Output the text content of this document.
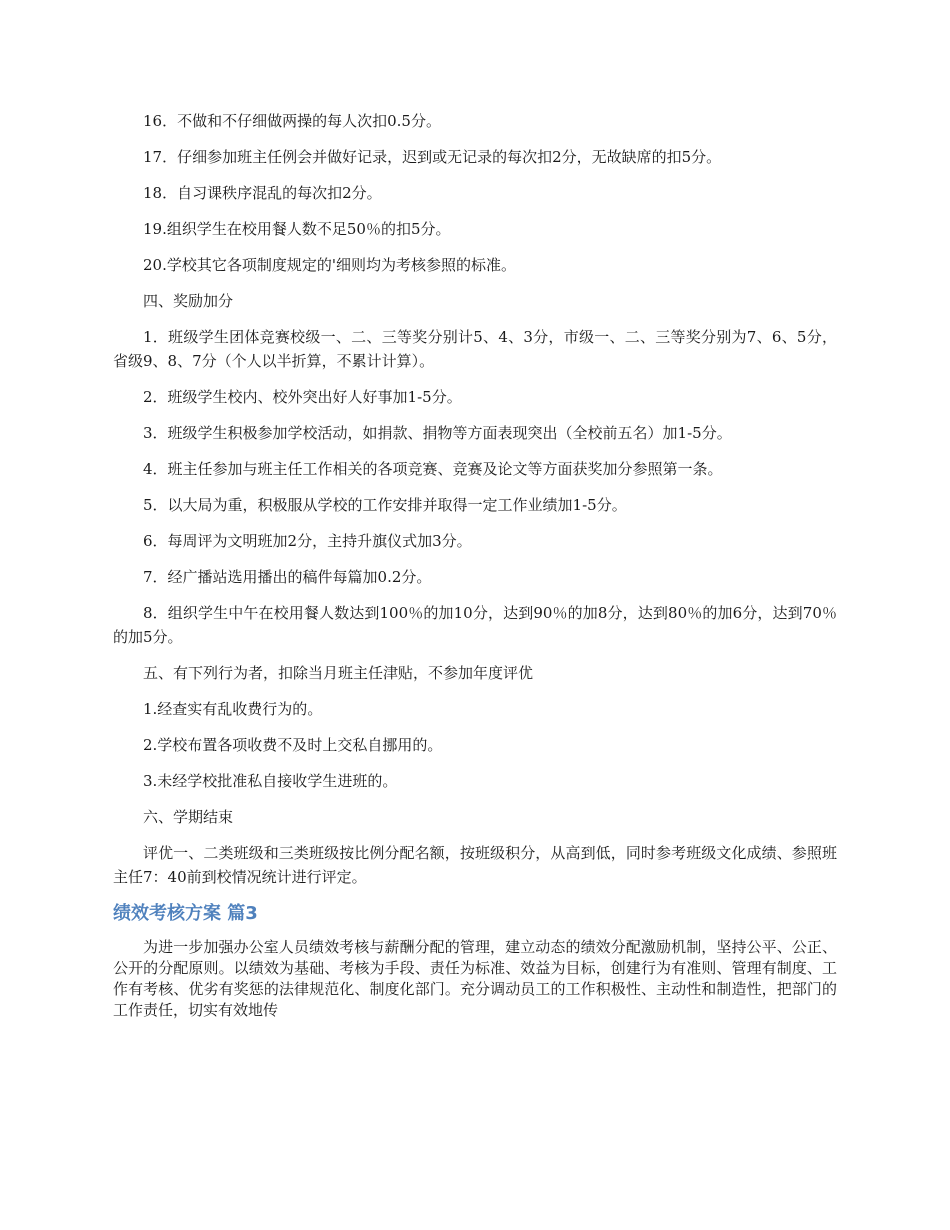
16．不做和不仔细做两操的每人次扣0.5分。

17．仔细参加班主任例会并做好记录，迟到或无记录的每次扣2分，无故缺席的扣5分。

18．自习课秩序混乱的每次扣2分。

19.组织学生在校用餐人数不足50％的扣5分。

20.学校其它各项制度规定的'细则均为考核参照的标准。

四、奖励加分

1．班级学生团体竞赛校级一、二、三等奖分别计5、4、3分，市级一、二、三等奖分别为7、6、5分，省级9、8、7分（个人以半折算，不累计计算）。

2．班级学生校内、校外突出好人好事加1-5分。

3．班级学生积极参加学校活动，如捐款、捐物等方面表现突出（全校前五名）加1-5分。

4．班主任参加与班主任工作相关的各项竞赛、竞赛及论文等方面获奖加分参照第一条。

5．以大局为重，积极服从学校的工作安排并取得一定工作业绩加1-5分。

6．每周评为文明班加2分，主持升旗仪式加3分。

7．经广播站选用播出的稿件每篇加0.2分。

8．组织学生中午在校用餐人数达到100％的加10分，达到90％的加8分，达到80％的加6分，达到70％的加5分。

五、有下列行为者，扣除当月班主任津贴，不参加年度评优

1.经查实有乱收费行为的。

2.学校布置各项收费不及时上交私自挪用的。

3.未经学校批准私自接收学生进班的。

六、学期结束

评优一、二类班级和三类班级按比例分配名额，按班级积分，从高到低，同时参考班级文化成绩、参照班主任7：40前到校情况统计进行评定。

绩效考核方案 篇3

为进一步加强办公室人员绩效考核与薪酬分配的管理，建立动态的绩效分配激励机制，坚持公平、公正、公开的分配原则。以绩效为基础、考核为手段、责任为标准、效益为目标，创建行为有准则、管理有制度、工作有考核、优劣有奖惩的法律规范化、制度化部门。充分调动员工的工作积极性、主动性和制造性，把部门的工作责任，切实有效地传
